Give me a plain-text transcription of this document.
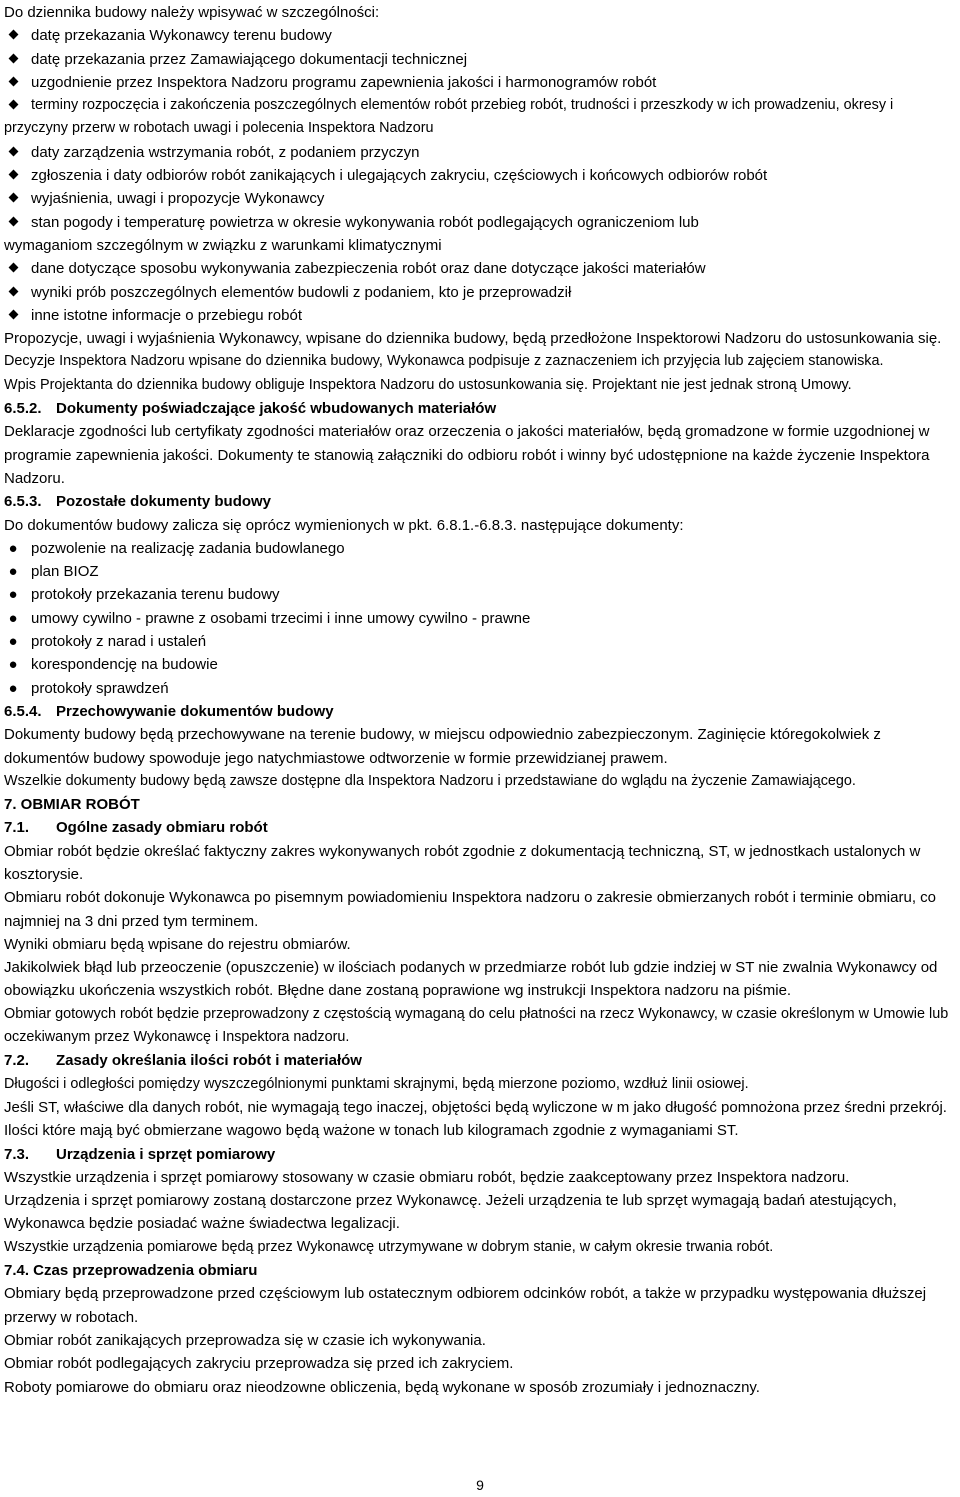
Do dziennika budowy należy wpisywać w szczególności:

datę przekazania Wykonawcy terenu budowy
datę przekazania przez Zamawiającego dokumentacji technicznej
uzgodnienie przez Inspektora Nadzoru programu zapewnienia jakości i harmonogramów robót
terminy rozpoczęcia i zakończenia poszczególnych elementów robót przebieg robót, trudności i przeszkody w ich prowadzeniu, okresy i

przyczyny przerw w robotach uwagi i polecenia Inspektora Nadzoru

daty zarządzenia wstrzymania robót, z podaniem przyczyn
zgłoszenia i daty odbiorów robót zanikających i ulegających zakryciu, częściowych i końcowych odbiorów robót
wyjaśnienia, uwagi i propozycje Wykonawcy
stan pogody i temperaturę powietrza w okresie wykonywania robót podlegających ograniczeniom lub

wymaganiom szczególnym w związku z warunkami klimatycznymi

dane dotyczące sposobu wykonywania zabezpieczenia robót oraz dane dotyczące jakości materiałów
wyniki prób poszczególnych elementów budowli z podaniem, kto je przeprowadził
inne istotne informacje o przebiegu robót

Propozycje, uwagi i wyjaśnienia Wykonawcy, wpisane do dziennika budowy, będą przedłożone Inspektorowi Nadzoru do ustosunkowania się.

Decyzje Inspektora Nadzoru wpisane do dziennika budowy, Wykonawca podpisuje z zaznaczeniem ich przyjęcia lub zajęciem stanowiska.

Wpis Projektanta do dziennika budowy obliguje Inspektora Nadzoru do ustosunkowania się. Projektant nie jest jednak stroną Umowy.

6.5.2. Dokumenty poświadczające jakość wbudowanych materiałów

Deklaracje zgodności lub certyfikaty zgodności materiałów oraz orzeczenia o jakości materiałów, będą gromadzone w formie uzgodnionej w programie zapewnienia jakości. Dokumenty te stanowią załączniki do odbioru robót i winny być udostępnione na każde życzenie Inspektora Nadzoru.

6.5.3. Pozostałe dokumenty budowy

Do dokumentów budowy zalicza się oprócz wymienionych w pkt. 6.8.1.-6.8.3. następujące dokumenty:

● pozwolenie na realizację zadania budowlanego
● plan BIOZ
● protokoły przekazania terenu budowy
● umowy cywilno - prawne z osobami trzecimi i inne umowy cywilno - prawne
● protokoły z narad i ustaleń
● korespondencję na budowie
● protokoły sprawdzeń

6.5.4. Przechowywanie dokumentów budowy

Dokumenty budowy będą przechowywane na terenie budowy, w miejscu odpowiednio zabezpieczonym. Zaginięcie któregokolwiek z dokumentów budowy spowoduje jego natychmiastowe odtworzenie w formie przewidzianej prawem.

Wszelkie dokumenty budowy będą zawsze dostępne dla Inspektora Nadzoru i przedstawiane do wglądu na życzenie Zamawiającego.

7. OBMIAR ROBÓT

7.1. Ogólne zasady obmiaru robót

Obmiar robót będzie określać faktyczny zakres wykonywanych robót zgodnie z dokumentacją techniczną, ST, w jednostkach ustalonych w kosztorysie.

Obmiaru robót dokonuje Wykonawca po pisemnym powiadomieniu Inspektora nadzoru o zakresie obmierzanych robót i terminie obmiaru, co najmniej na 3 dni przed tym terminem.

Wyniki obmiaru będą wpisane do rejestru obmiarów.

Jakikolwiek błąd lub przeoczenie (opuszczenie) w ilościach podanych w przedmiarze robót lub gdzie indziej w ST nie zwalnia Wykonawcy od obowiązku ukończenia wszystkich robót. Błędne dane zostaną poprawione wg instrukcji Inspektora nadzoru na piśmie.

Obmiar gotowych robót będzie przeprowadzony z częstością wymaganą do celu płatności na rzecz Wykonawcy, w czasie określonym w Umowie lub oczekiwanym przez Wykonawcę i Inspektora nadzoru.

7.2. Zasady określania ilości robót i materiałów

Długości i odległości pomiędzy wyszczególnionymi punktami skrajnymi, będą mierzone poziomo, wzdłuż linii osiowej.

Jeśli ST, właściwe dla danych robót, nie wymagają tego inaczej, objętości będą wyliczone w m jako długość pomnożona przez średni przekrój.

Ilości które mają być obmierzane wagowo będą ważone w tonach lub kilogramach zgodnie z wymaganiami ST.

7.3. Urządzenia i sprzęt pomiarowy

Wszystkie urządzenia i sprzęt pomiarowy stosowany w czasie obmiaru robót, będzie zaakceptowany przez Inspektora nadzoru.

Urządzenia i sprzęt pomiarowy zostaną dostarczone przez Wykonawcę. Jeżeli urządzenia te lub sprzęt wymagają badań atestujących, Wykonawca będzie posiadać ważne świadectwa legalizacji.

Wszystkie urządzenia pomiarowe będą przez Wykonawcę utrzymywane w dobrym stanie, w całym okresie trwania robót.

7.4. Czas przeprowadzenia obmiaru

Obmiary będą przeprowadzone przed częściowym lub ostatecznym odbiorem odcinków robót, a także w przypadku występowania dłuższej przerwy w robotach.

Obmiar robót zanikających przeprowadza się w czasie ich wykonywania.

Obmiar robót podlegających zakryciu przeprowadza się przed ich zakryciem.

Roboty pomiarowe do obmiaru oraz nieodzowne obliczenia, będą wykonane w sposób zrozumiały i jednoznaczny.

9
